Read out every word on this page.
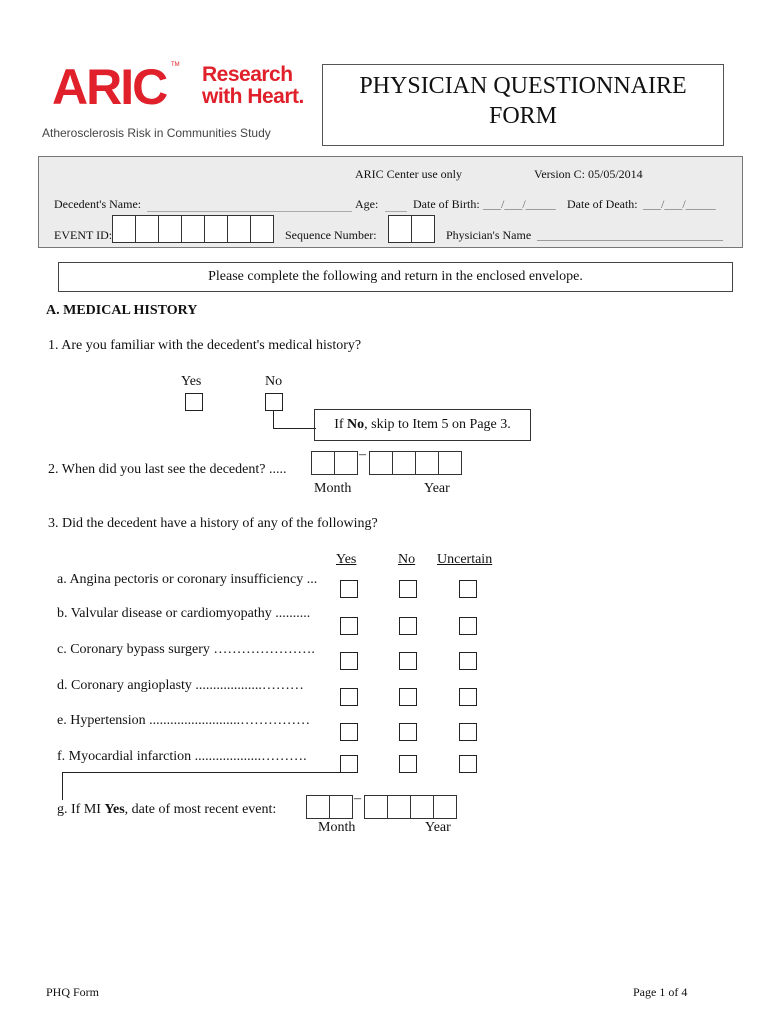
ARIC TM Research
with Heart.
Atherosclerosis Risk in Communities Study
PHYSICIAN QUESTIONNAIRE
FORM
ARIC Center use only	Version C: 05/05/2014
Decedent's Name:	Age:	Date of Birth: ___/___/_____ Date of Death: ___/___/_____
EVENT ID:	Sequence Number:	Physician's Name _______________________________
Please complete the following and return in the enclosed envelope.
A. MEDICAL HISTORY
1. Are you familiar with the decedent's medical history?
Yes	No
If No, skip to Item 5 on Page 3.
2. When did you last see the decedent? .....
–
Month	Year
3. Did the decedent have a history of any of the following?
Yes	No Uncertain
a. Angina pectoris or coronary insufficiency ...
b. Valvular disease or cardiomyopathy ..........
c. Coronary bypass surgery ………………….
d. Coronary angioplasty ...................………
e. Hypertension ..........................……………
f. Myocardial infarction ...................……….
g. If MI Yes, date of most recent event:
–
Month	Year
PHQ Form	Page 1 of 4
